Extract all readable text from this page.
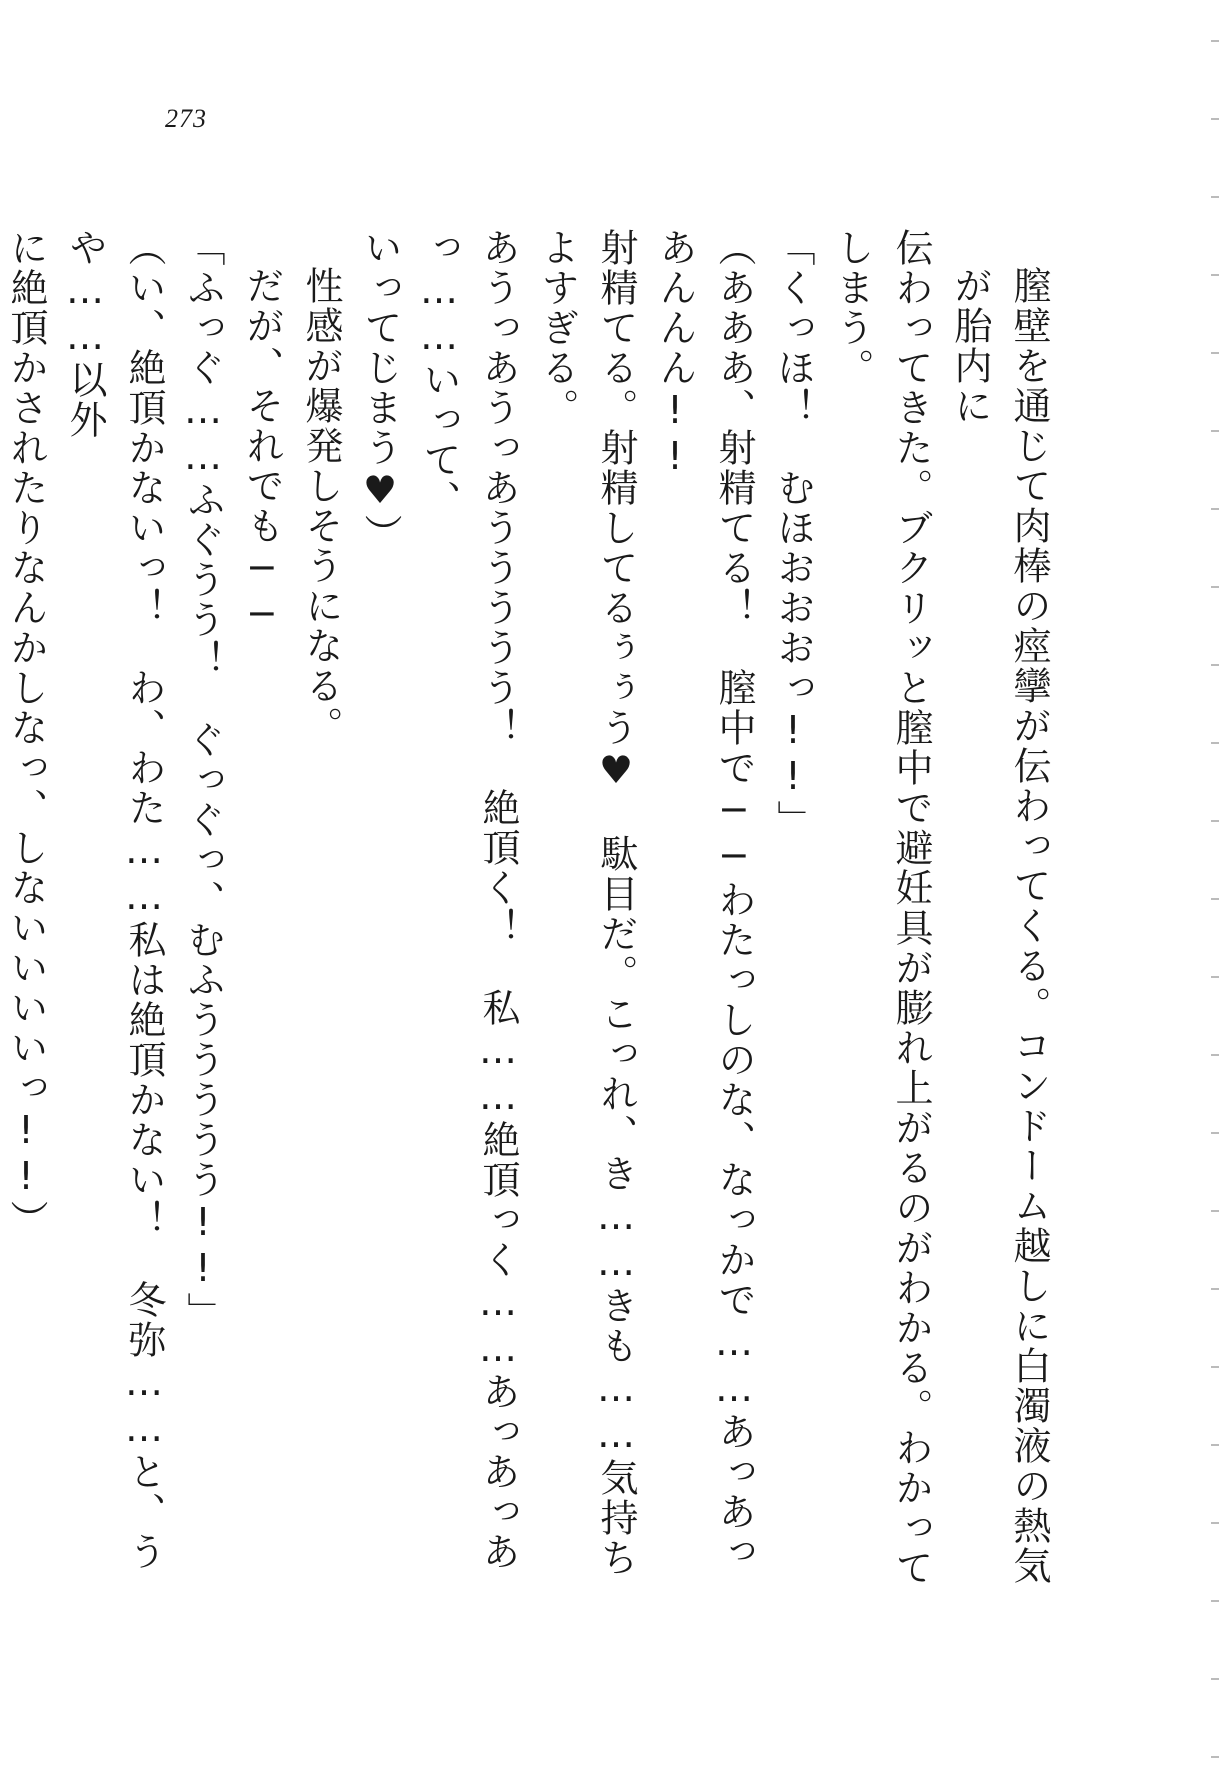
273
膣壁を通じて肉棒の痙攣が伝わってくる。コンドーム越しに白濁液の熱気が胎内に
伝わってきた。ブクリッと膣中で避妊具が膨れ上がるのがわかる。わかってしまう。
「くっほ！　むほおおおっ!!」
（あああ、射精てる！　膣中で──わたっしのな、なっかで……あっあっあんんん!!
射精てる。射精してるぅぅう♥　駄目だ。こっれ、き……きも……気持ちよすぎる。
あうっあうっあううううう！　絶頂く！　私……絶頂っく……あっあっあっ……いって、
いってじまう♥）
性感が爆発しそうになる。
だが、それでも──
「ふっぐ……ふぐうう！　ぐっぐっ、むふううううう!!」
（い、絶頂かないっ！　わ、わた……私は絶頂かない！　冬弥……と、うや……以外
に絶頂かされたりなんかしなっ、しないいいいっ!!）
